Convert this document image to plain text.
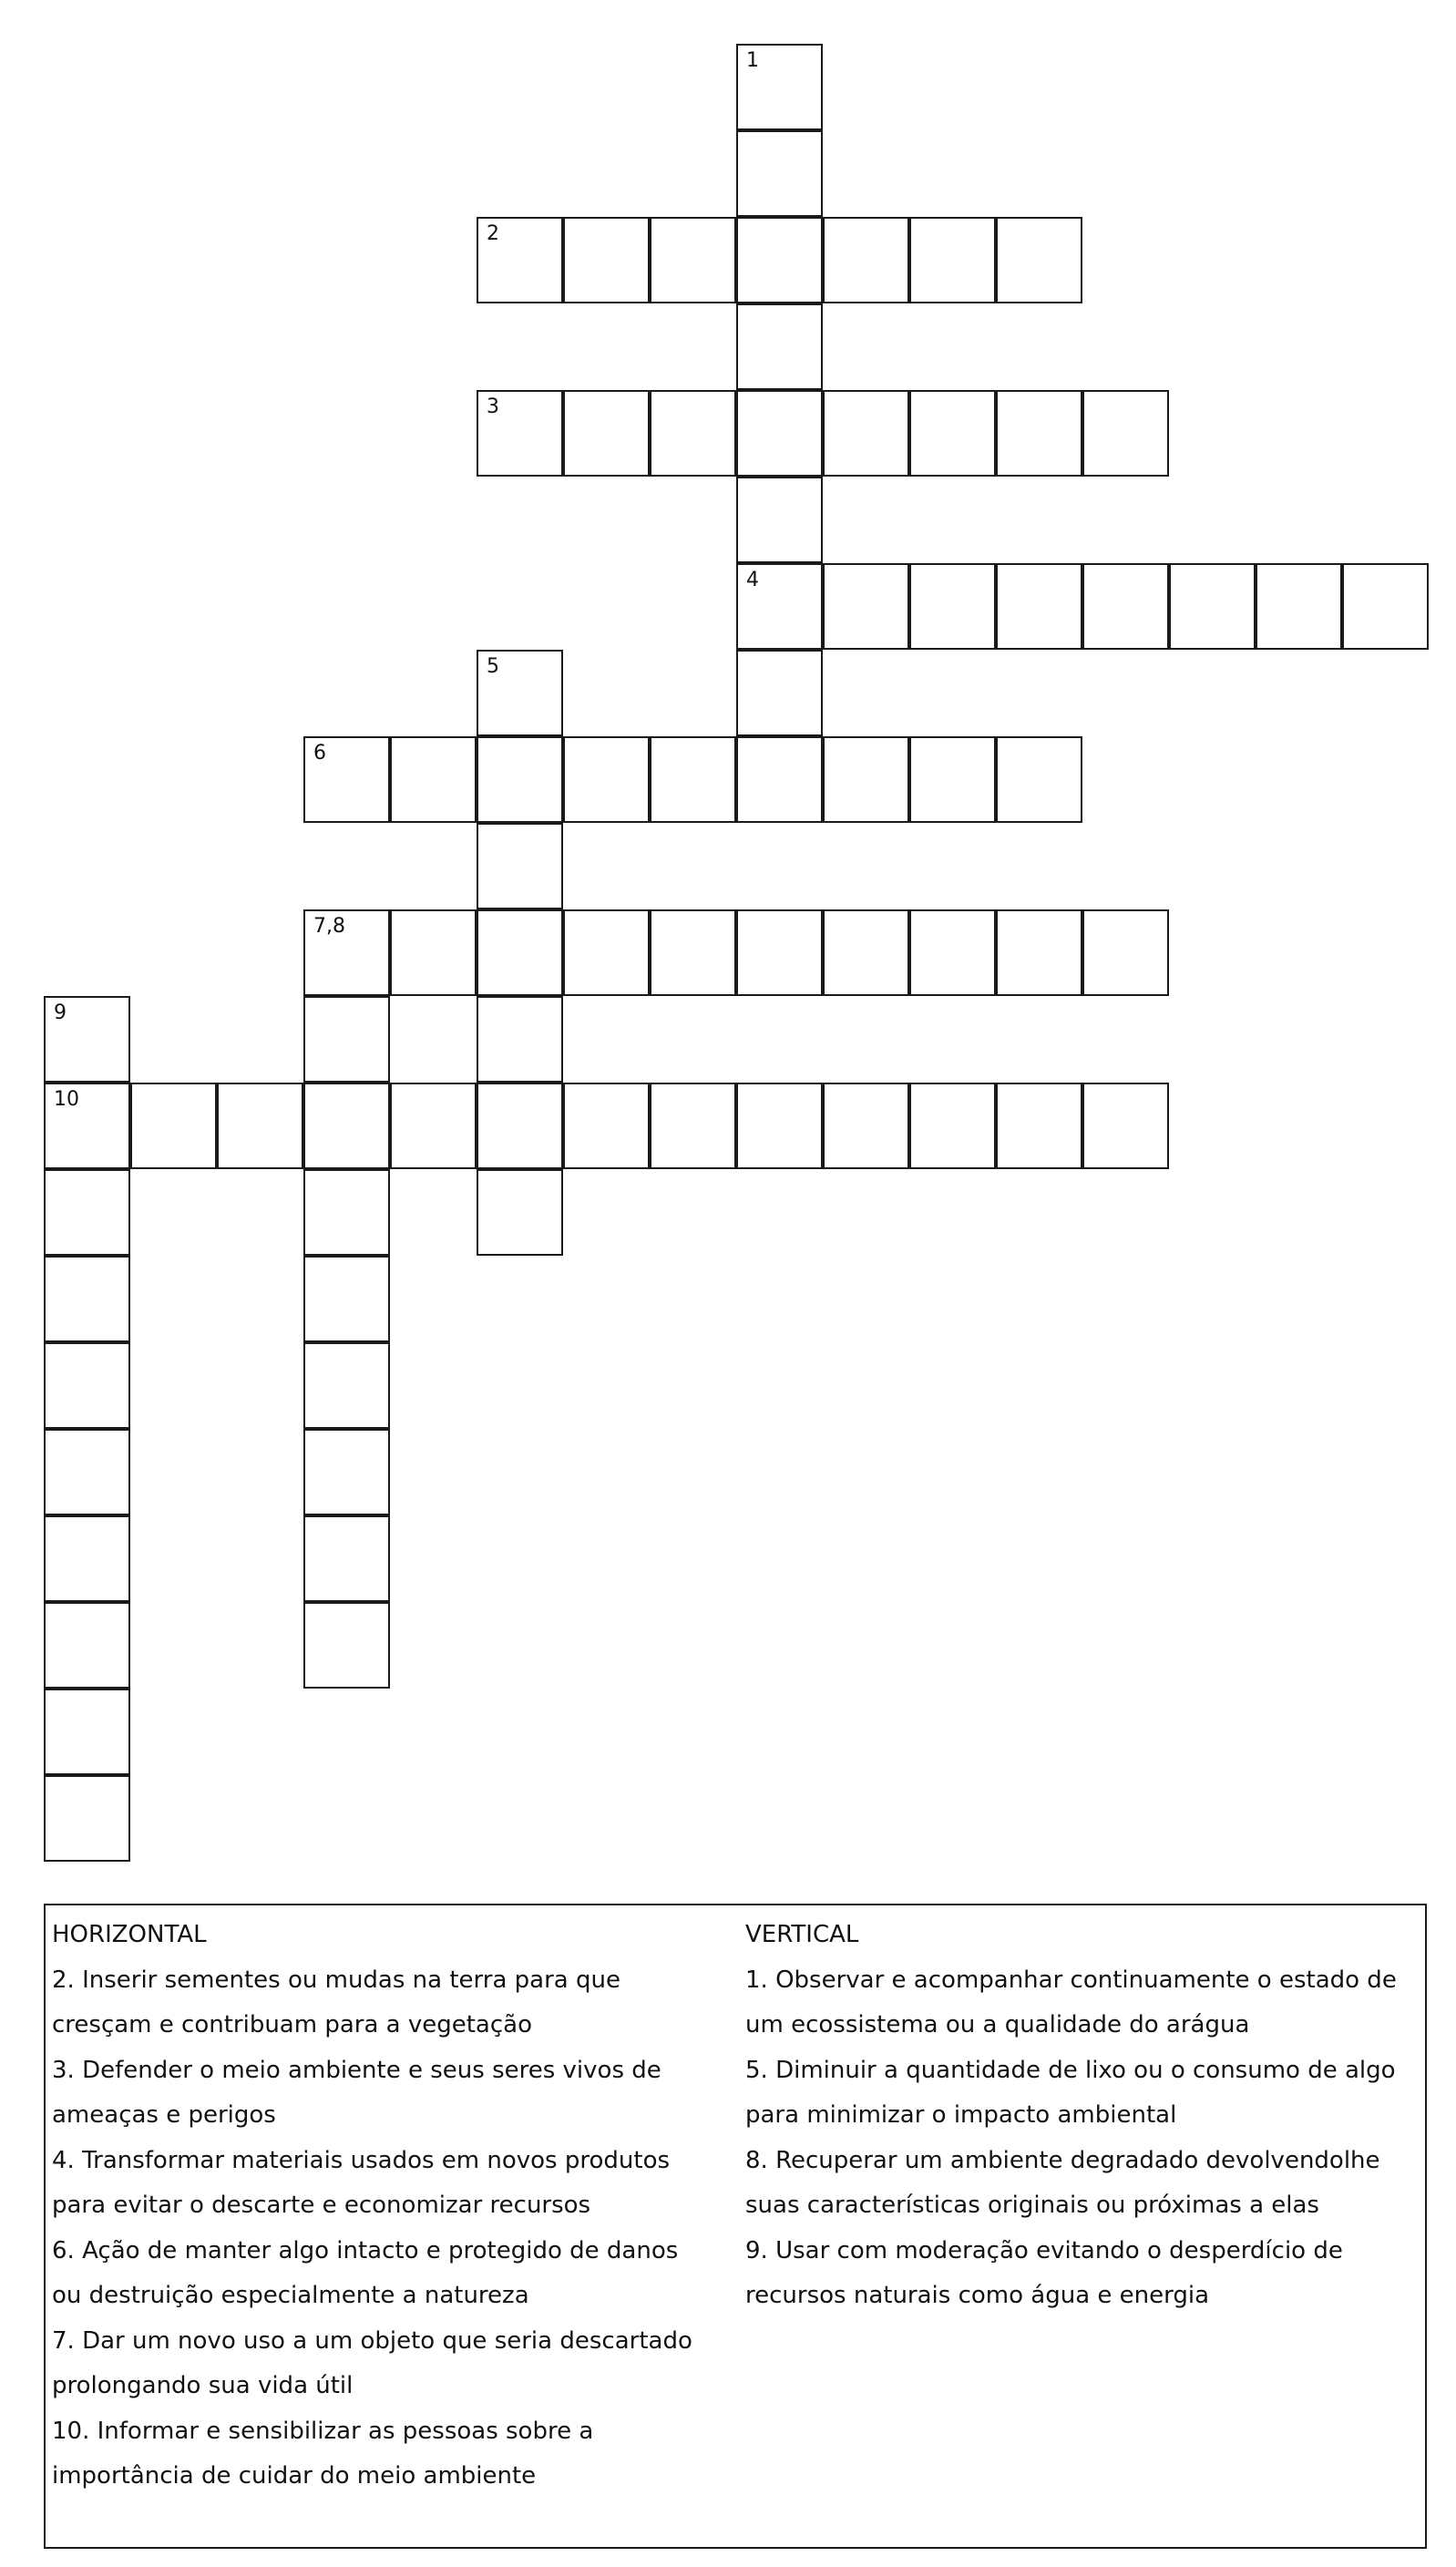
1
4
2
3
5
6
7,8
9
10
HORIZONTAL
2. Inserir sementes ou mudas na terra para que
cresçam e contribuam para a vegetação
3. Defender o meio ambiente e seus seres vivos de
ameaças e perigos
4. Transformar materiais usados em novos produtos
para evitar o descarte e economizar recursos
6. Ação de manter algo intacto e protegido de danos
ou destruição especialmente a natureza
7. Dar um novo uso a um objeto que seria descartado
prolongando sua vida útil
10. Informar e sensibilizar as pessoas sobre a
importância de cuidar do meio ambiente
VERTICAL
1. Observar e acompanhar continuamente o estado de
um ecossistema ou a qualidade do arágua
5. Diminuir a quantidade de lixo ou o consumo de algo
para minimizar o impacto ambiental
8. Recuperar um ambiente degradado devolvendolhe
suas características originais ou próximas a elas
9. Usar com moderação evitando o desperdício de
recursos naturais como água e energia
